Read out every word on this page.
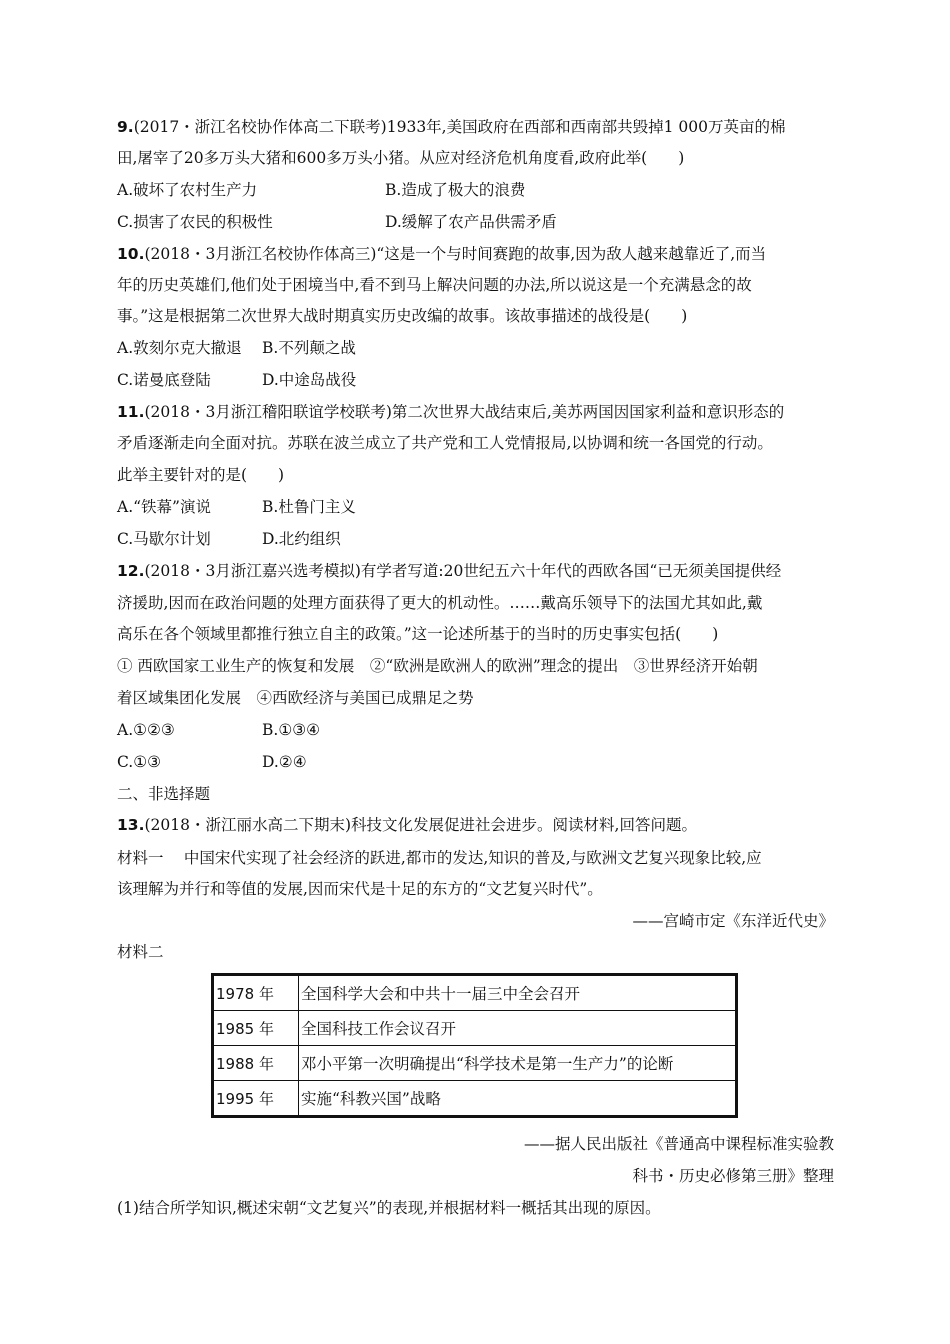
9.(2017・浙江名校协作体高二下联考)1933年,美国政府在西部和西南部共毁掉1 000万英亩的棉
田,屠宰了20多万头大猪和600多万头小猪。从应对经济危机角度看,政府此举(　　)
A.破坏了农村生产力	B.造成了极大的浪费
C.损害了农民的积极性	D.缓解了农产品供需矛盾
10.(2018・3月浙江名校协作体高三)“这是一个与时间赛跑的故事,因为敌人越来越靠近了,而当
年的历史英雄们,他们处于困境当中,看不到马上解决问题的办法,所以说这是一个充满悬念的故
事。”这是根据第二次世界大战时期真实历史改编的故事。该故事描述的战役是(　　)
A.敦刻尔克大撤退 B.不列颠之战
C.诺曼底登陆	D.中途岛战役
11.(2018・3月浙江稽阳联谊学校联考)第二次世界大战结束后,美苏两国因国家利益和意识形态的
矛盾逐渐走向全面对抗。苏联在波兰成立了共产党和工人党情报局,以协调和统一各国党的行动。
此举主要针对的是(　　)
A.“铁幕”演说	B.杜鲁门主义
C.马歇尔计划	D.北约组织
12.(2018・3月浙江嘉兴选考模拟)有学者写道:20世纪五六十年代的西欧各国“已无须美国提供经
济援助,因而在政治问题的处理方面获得了更大的机动性。……戴高乐领导下的法国尤其如此,戴
高乐在各个领域里都推行独立自主的政策。”这一论述所基于的当时的历史事实包括(　　)
① 西欧国家工业生产的恢复和发展　②“欧洲是欧洲人的欧洲”理念的提出　③世界经济开始朝
着区域集团化发展　④西欧经济与美国已成鼎足之势
A.①②③	B.①③④
C.①③	D.②④
二、非选择题
13.(2018・浙江丽水高二下期末)科技文化发展促进社会进步。阅读材料,回答问题。
材料一　 中国宋代实现了社会经济的跃进,都市的发达,知识的普及,与欧洲文艺复兴现象比较,应
该理解为并行和等值的发展,因而宋代是十足的东方的“文艺复兴时代”。
——宫崎市定《东洋近代史》
材料二
1978 年	全国科学大会和中共十一届三中全会召开
1985 年	全国科技工作会议召开
1988 年	邓小平第一次明确提出“科学技术是第一生产力”的论断
1995 年	实施“科教兴国”战略
——据人民出版社《普通高中课程标准实验教
科书・历史必修第三册》整理
(1)结合所学知识,概述宋朝“文艺复兴”的表现,并根据材料一概括其出现的原因。
